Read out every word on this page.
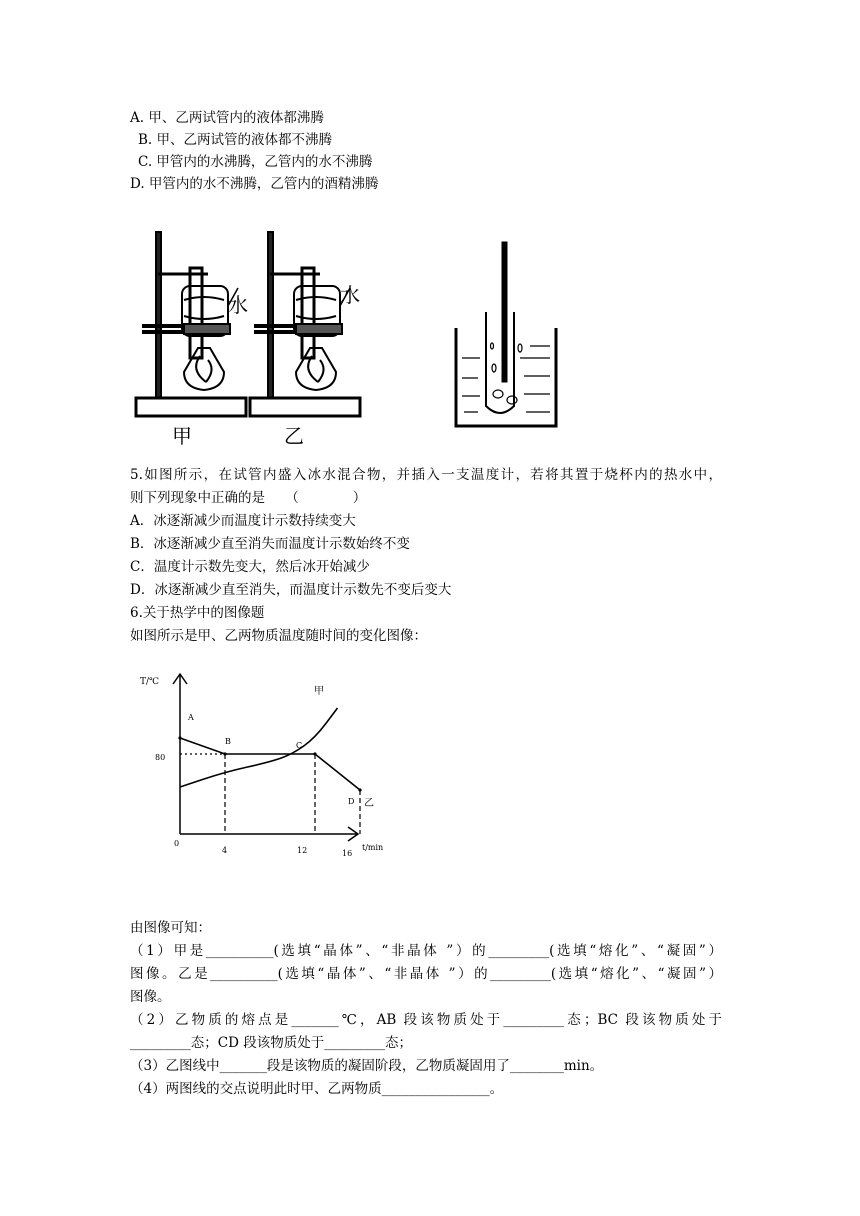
A. 甲、乙两试管内的液体都沸腾
B. 甲、乙两试管的液体都不沸腾
C. 甲管内的水沸腾，乙管内的水不沸腾
D. 甲管内的水不沸腾，乙管内的酒精沸腾
水
甲
水
乙
5.如图所示，在试管内盛入冰水混合物，并插入一支温度计，若将其置于烧杯内的热水中，
则下列现象中正确的是　　（　　　　）
A．冰逐渐减少而温度计示数持续变大
B．冰逐渐减少直至消失而温度计示数始终不变
C．温度计示数先变大，然后冰开始减少
D．冰逐渐减少直至消失，而温度计示数先不变后变大
6.关于热学中的图像题
如图所示是甲、乙两物质温度随时间的变化图像：
T/℃
t/min
0
4	12	16
80
甲
乙
A
B	C
D
由图像可知：
（1）甲是__________(选填“晶体”、“非晶体 ”）的_________(选填“熔化”、“凝固”）
图像。乙是__________(选填“晶体”、“非晶体 ”）的_________(选填“熔化”、“凝固”）
图像。
（2）乙物质的熔点是_______℃，AB 段该物质处于_________态；BC 段该物质处于
_________态；CD 段该物质处于_________态；
（3）乙图线中_______段是该物质的凝固阶段，乙物质凝固用了________min。
（4）两图线的交点说明此时甲、乙两物质________________。
